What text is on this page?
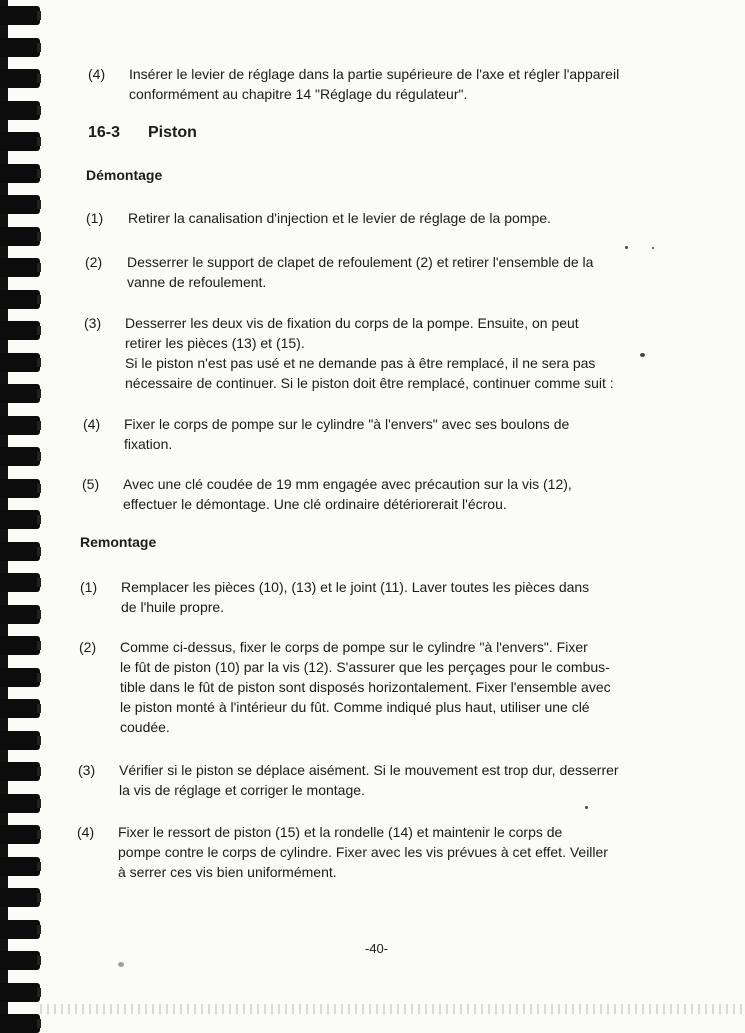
(4) Insérer le levier de réglage dans la partie supérieure de l'axe et régler l'appareil

conformément au chapitre 14 "Réglage du régulateur".

16-3 Piston
Démontage
(1) Retirer la canalisation d'injection et le levier de réglage de la pompe.

(2) Desserrer le support de clapet de refoulement (2) et retirer l'ensemble de la

vanne de refoulement.

(3) Desserrer les deux vis de fixation du corps de la pompe. Ensuite, on peut

retirer les pièces (13) et (15).

Si le piston n'est pas usé et ne demande pas à être remplacé, il ne sera pas

nécessaire de continuer. Si le piston doit être remplacé, continuer comme suit :

(4) Fixer le corps de pompe sur le cylindre "à l'envers" avec ses boulons de

fixation.

(5) Avec une clé coudée de 19 mm engagée avec précaution sur la vis (12),

effectuer le démontage. Une clé ordinaire détériorerait l'écrou.

Remontage
(1) Remplacer les pièces (10), (13) et le joint (11). Laver toutes les pièces dans

de l'huile propre.

(2) Comme ci-dessus, fixer le corps de pompe sur le cylindre "à l'envers". Fixer

le fût de piston (10) par la vis (12). S'assurer que les perçages pour le combus-

tible dans le fût de piston sont disposés horizontalement. Fixer l'ensemble avec

le piston monté à l'intérieur du fût. Comme indiqué plus haut, utiliser une clé

coudée.

(3) Vérifier si le piston se déplace aisément. Si le mouvement est trop dur, desserrer

la vis de réglage et corriger le montage.

(4) Fixer le ressort de piston (15) et la rondelle (14) et maintenir le corps de

pompe contre le corps de cylindre. Fixer avec les vis prévues à cet effet. Veiller

à serrer ces vis bien uniformément.

-40-
